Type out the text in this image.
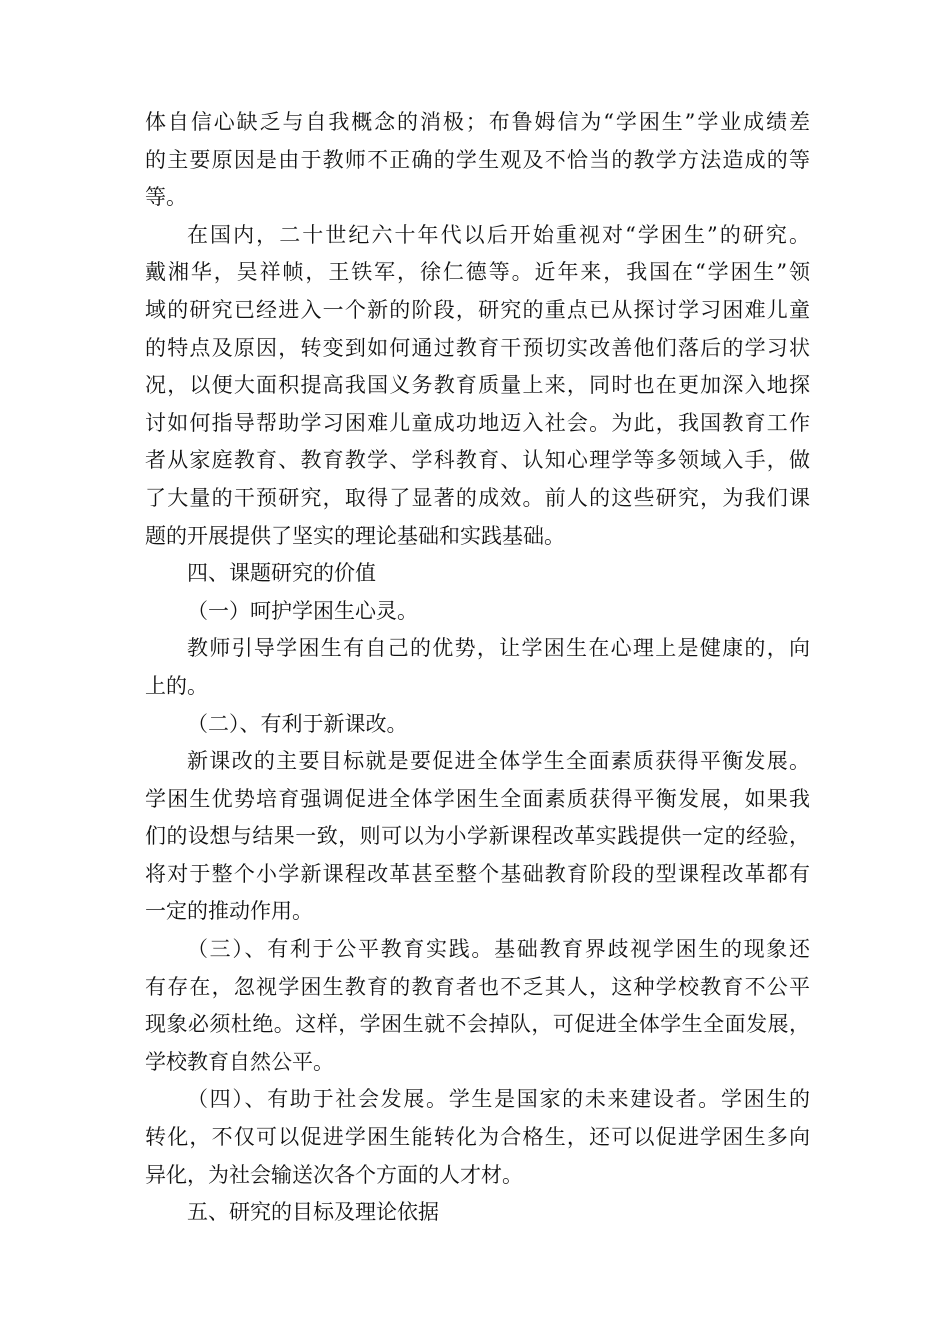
体自信心缺乏与自我概念的消极；布鲁姆信为“学困生”学业成绩差
的主要原因是由于教师不正确的学生观及不恰当的教学方法造成的等
等。
在国内，二十世纪六十年代以后开始重视对“学困生”的研究。
戴湘华，吴祥帧，王铁军，徐仁德等。近年来，我国在“学困生”领
域的研究已经进入一个新的阶段，研究的重点已从探讨学习困难儿童
的特点及原因，转变到如何通过教育干预切实改善他们落后的学习状
况，以便大面积提高我国义务教育质量上来，同时也在更加深入地探
讨如何指导帮助学习困难儿童成功地迈入社会。为此，我国教育工作
者从家庭教育、教育教学、学科教育、认知心理学等多领域入手，做
了大量的干预研究，取得了显著的成效。前人的这些研究，为我们课
题的开展提供了坚实的理论基础和实践基础。
四、课题研究的价值
（一）呵护学困生心灵。
教师引导学困生有自己的优势，让学困生在心理上是健康的，向
上的。
（二）、有利于新课改。
新课改的主要目标就是要促进全体学生全面素质获得平衡发展。
学困生优势培育强调促进全体学困生全面素质获得平衡发展，如果我
们的设想与结果一致，则可以为小学新课程改革实践提供一定的经验，
将对于整个小学新课程改革甚至整个基础教育阶段的型课程改革都有
一定的推动作用。
（三）、有利于公平教育实践。基础教育界歧视学困生的现象还
有存在，忽视学困生教育的教育者也不乏其人，这种学校教育不公平
现象必须杜绝。这样，学困生就不会掉队，可促进全体学生全面发展，
学校教育自然公平。
（四）、有助于社会发展。学生是国家的未来建设者。学困生的
转化，不仅可以促进学困生能转化为合格生，还可以促进学困生多向
异化，为社会输送次各个方面的人才材。
五、研究的目标及理论依据
